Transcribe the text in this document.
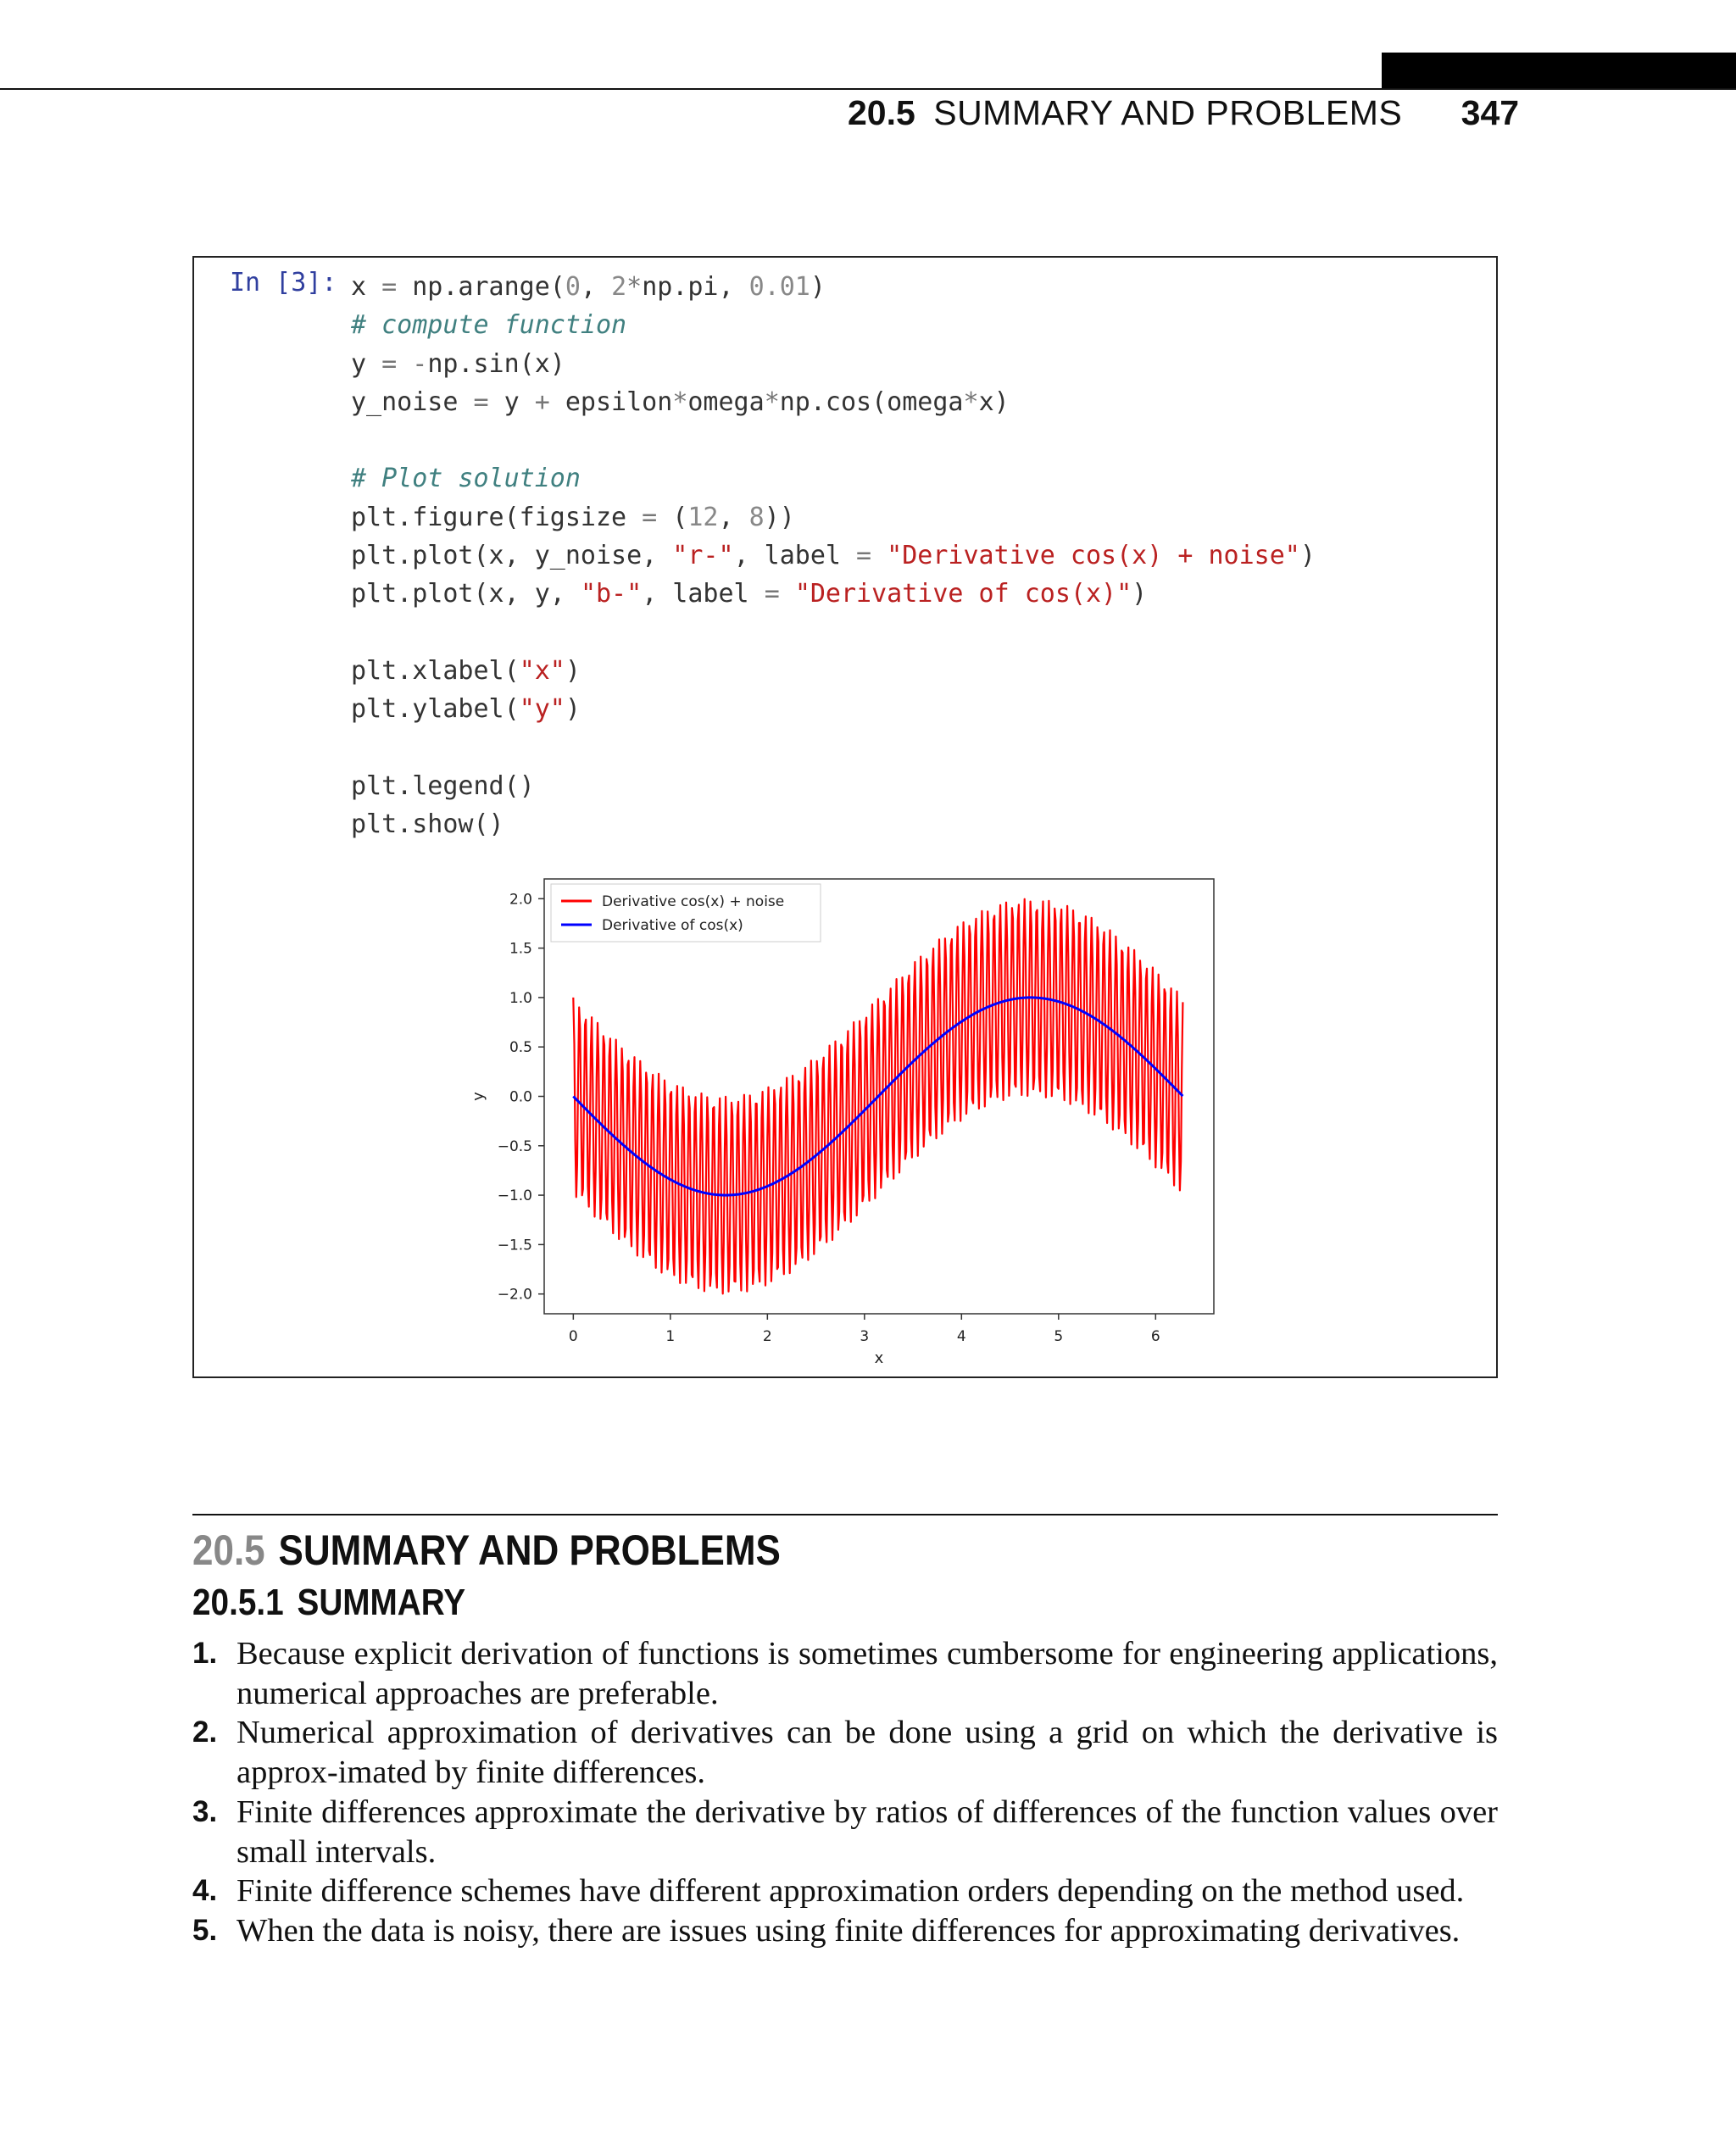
20.5 SUMMARY AND PROBLEMS 347
In [3]: x = np.arange(0, 2*np.pi, 0.01)
# compute function
y = -np.sin(x)
y_noise = y + epsilon*omega*np.cos(omega*x)

# Plot solution
plt.figure(figsize = (12, 8))
plt.plot(x, y_noise, "r-", label = "Derivative cos(x) + noise")
plt.plot(x, y, "b-", label = "Derivative of cos(x)")

plt.xlabel("x")
plt.ylabel("y")

plt.legend()
plt.show()
−2.0
−1.5
−1.0
−0.5
0.0
0.5
1.0
1.5
2.0
0	1	2	3	4	5	6
x
y
Derivative cos(x) + noise
Derivative of cos(x)
20.5 SUMMARY AND PROBLEMS
20.5.1 SUMMARY
1. Because explicit derivation of functions is sometimes cumbersome for engineering applications, numerical approaches are preferable.
2. Numerical approximation of derivatives can be done using a grid on which the derivative is approx-imated by finite differences.
3. Finite differences approximate the derivative by ratios of differences of the function values over small intervals.
4. Finite difference schemes have different approximation orders depending on the method used.
5. When the data is noisy, there are issues using finite differences for approximating derivatives.
